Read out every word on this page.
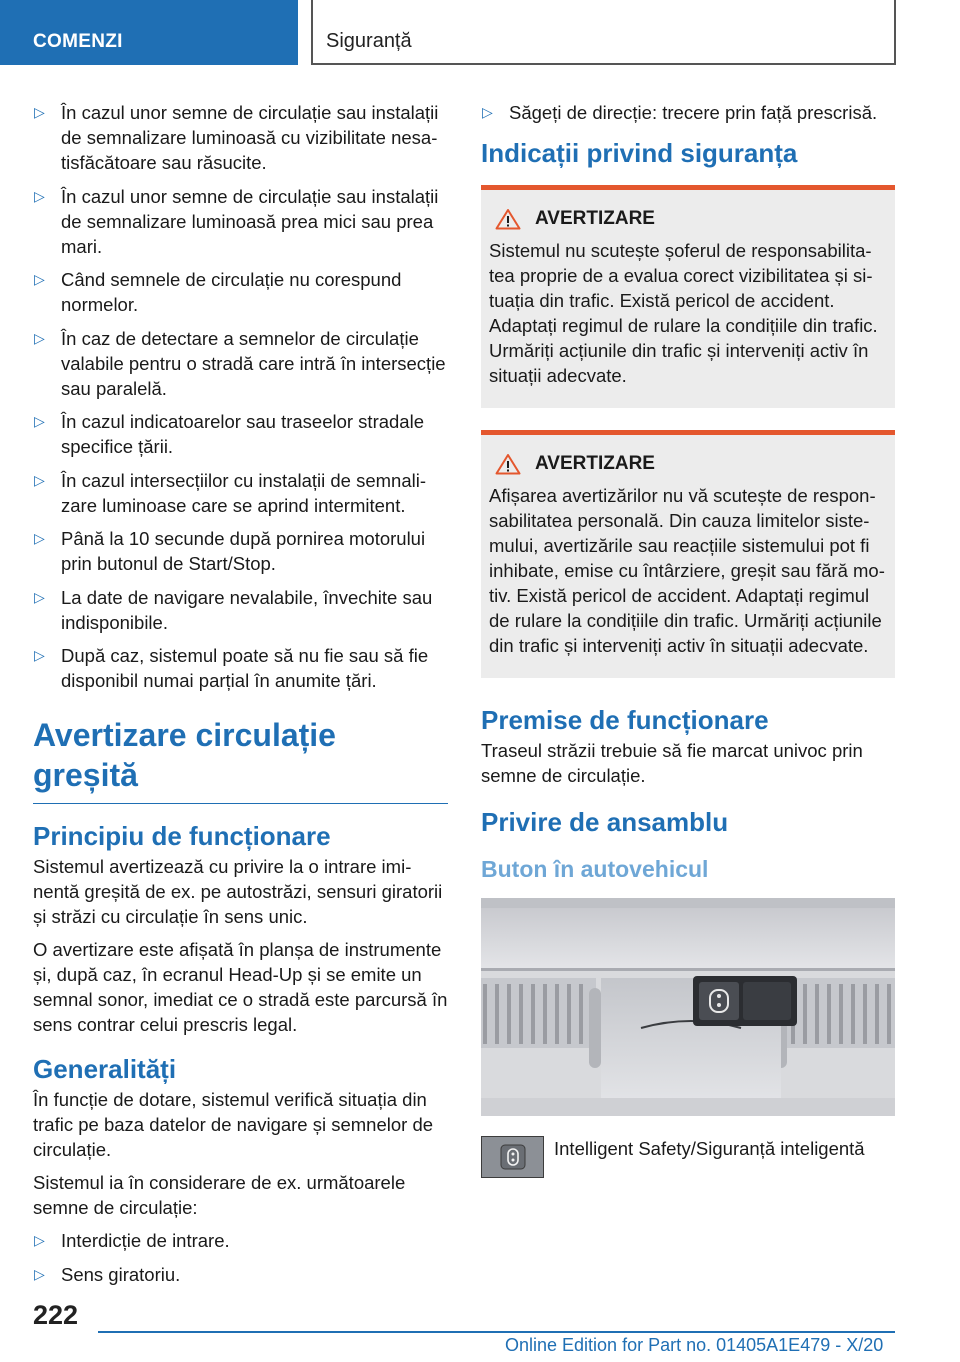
COMENZI	Siguranță
▷ În cazul unor semne de circulație sau instalații de semnalizare luminoasă cu vizibilitate nesatisfăcătoare sau răsucite.
▷ În cazul unor semne de circulație sau instalații de semnalizare luminoasă prea mici sau prea mari.
▷ Când semnele de circulație nu corespund normelor.
▷ În caz de detectare a semnelor de circulație valabile pentru o stradă care intră în intersecție sau paralelă.
▷ În cazul indicatoarelor sau traseelor stradale specifice țării.
▷ În cazul intersecțiilor cu instalații de semnalizare luminoase care se aprind intermitent.
▷ Până la 10 secunde după pornirea motorului prin butonul de Start/Stop.
▷ La date de navigare nevalabile, învechite sau indisponibile.
▷ După caz, sistemul poate să nu fie sau să fie disponibil numai parțial în anumite țări.
Avertizare circulație greșită
Principiu de funcționare

Sistemul avertizează cu privire la o intrare iminentă greșită de ex. pe autostrăzi, sensuri giratorii și străzi cu circulație în sens unic.

O avertizare este afișată în planșa de instrumente și, după caz, în ecranul Head-Up și se emite un semnal sonor, imediat ce o stradă este parcursă în sens contrar celui prescris legal.

Generalități

În funcție de dotare, sistemul verifică situația din trafic pe baza datelor de navigare și semnelor de circulație.

Sistemul ia în considerare de ex. următoarele semne de circulație:

▷ Interdicție de intrare.
▷ Sens giratoriu.
▷ Săgeți de direcție: trecere prin față prescrisă.
Indicații privind siguranța
AVERTIZARE

Sistemul nu scutește șoferul de responsabilitatea proprie de a evalua corect vizibilitatea și situația din trafic. Există pericol de accident. Adaptați regimul de rulare la condițiile din trafic. Urmăriți acțiunile din trafic și interveniți activ în situații adecvate.

AVERTIZARE

Afișarea avertizărilor nu vă scutește de responsabilitatea personală. Din cauza limitelor sistemului, avertizările sau reacțiile sistemului pot fi inhibate, emise cu întârziere, greșit sau fără motiv. Există pericol de accident. Adaptați regimul de rulare la condițiile din trafic. Urmăriți acțiunile din trafic și interveniți activ în situații adecvate.

Premise de funcționare

Traseul străzii trebuie să fie marcat univoc prin semne de circulație.

Privire de ansamblu
Buton în autovehicul
Intelligent Safety/Siguranță inteligentă
222
Online Edition for Part no. 01405A1E479 - X/20
